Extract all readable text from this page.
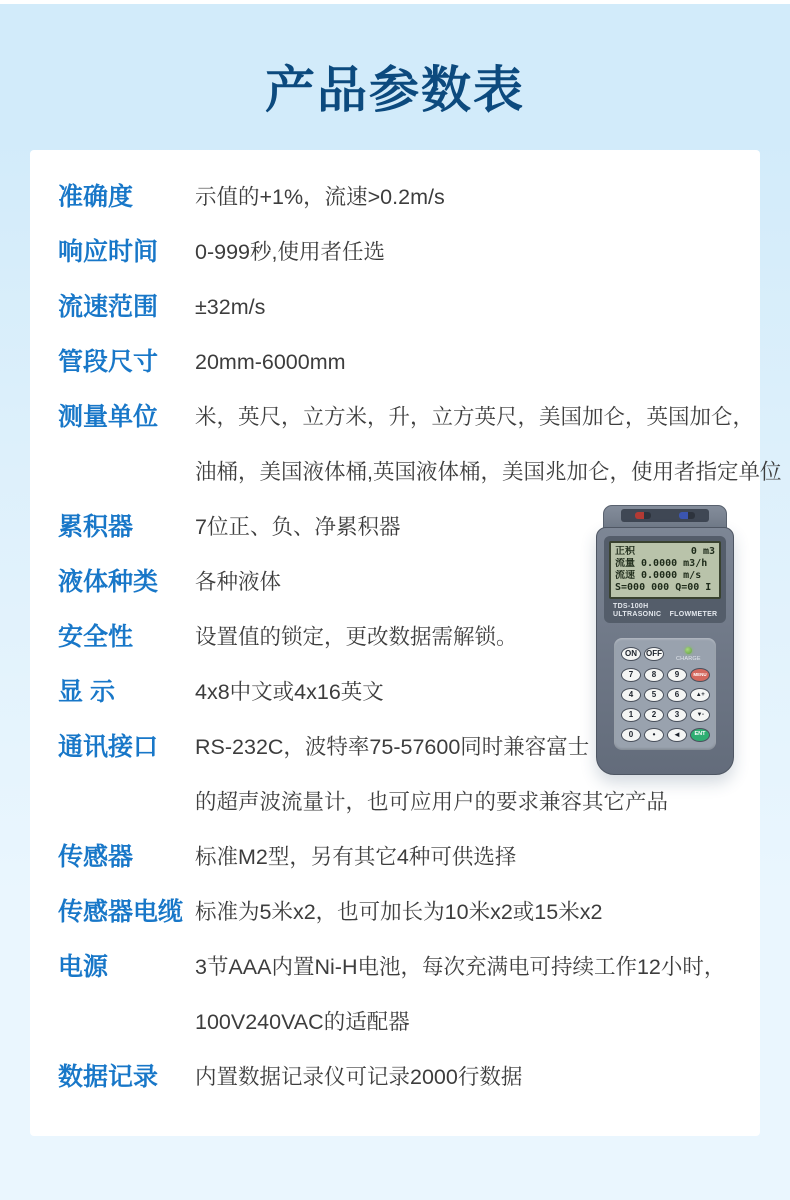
产品参数表
准确度	示值的+1%，流速>0.2m/s
响应时间	0-999秒,使用者任选
流速范围	±32m/s
管段尺寸	20mm-6000mm
测量单位	米，英尺，立方米，升，立方英尺，美国加仑，英国加仑，
油桶，美国液体桶,英国液体桶，美国兆加仑，使用者指定单位
累积器	7位正、负、净累积器
液体种类	各种液体
安全性	设置值的锁定，更改数据需解锁。
显 示	4x8中文或4x16英文
通讯接口	RS-232C，波特率75-57600同时兼容富士
的超声波流量计，也可应用户的要求兼容其它产品
传感器	标准M2型，另有其它4种可供选择
传感器电缆 标准为5米x2，也可加长为10米x2或15米x2
电源	3节AAA内置Ni-H电池，每次充满电可持续工作12小时，
100V240VAC的适配器
数据记录	内置数据记录仪可记录2000行数据
正积	0 m3
流量 0.0000 m3/h
流速 0.0000 m/s
S=000 000 Q=00 I
TDS-100H
ULTRASONIC FLOWMETER
ON	OFF
CHARGE
7	8	9	MENU
4	5	6	▲+
1	2	3	▼-
0	•	◄	ENT
